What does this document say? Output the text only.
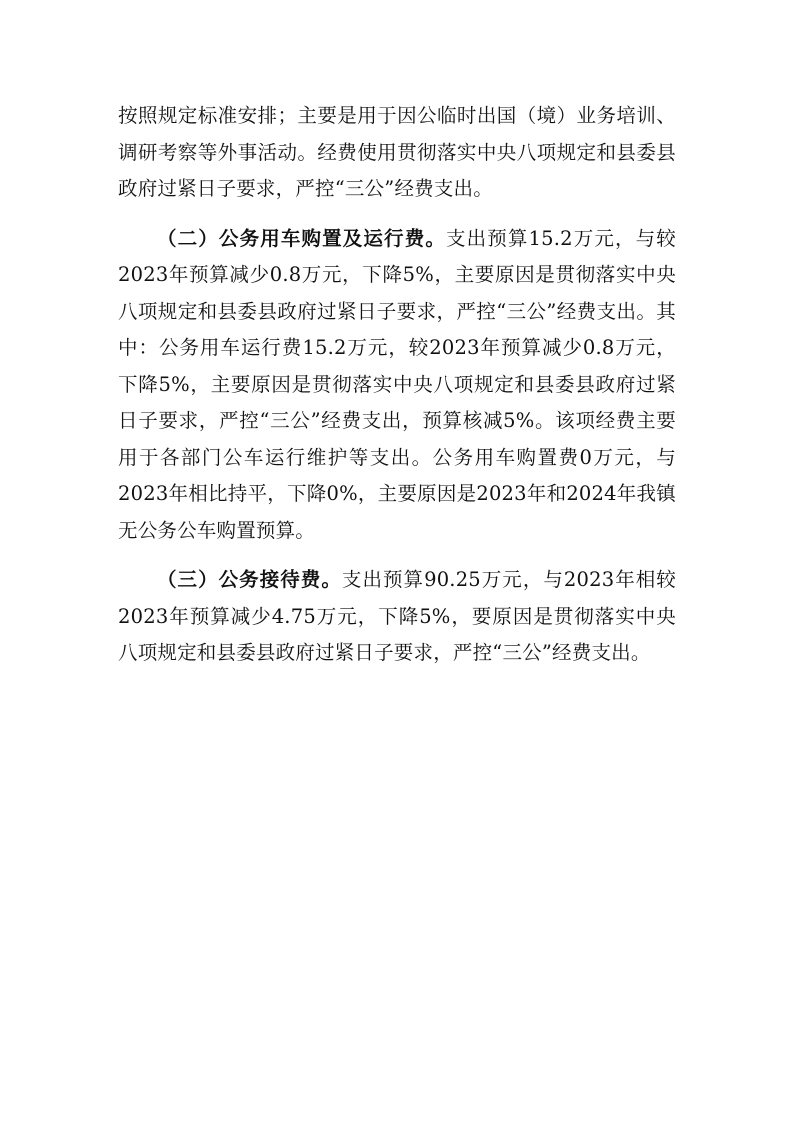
按照规定标准安排；主要是用于因公临时出国（境）业务培训、调研考察等外事活动。经费使用贯彻落实中央八项规定和县委县政府过紧日子要求，严控“三公”经费支出。

（二）公务用车购置及运行费。支出预算15.2万元，与较2023年预算减少0.8万元，下降5%，主要原因是贯彻落实中央八项规定和县委县政府过紧日子要求，严控“三公”经费支出。其中：公务用车运行费15.2万元，较2023年预算减少0.8万元，下降5%，主要原因是贯彻落实中央八项规定和县委县政府过紧日子要求，严控“三公”经费支出，预算核减5%。该项经费主要用于各部门公车运行维护等支出。公务用车购置费0万元，与2023年相比持平，下降0%，主要原因是2023年和2024年我镇无公务公车购置预算。

（三）公务接待费。支出预算90.25万元，与2023年相较2023年预算减少4.75万元，下降5%，要原因是贯彻落实中央八项规定和县委县政府过紧日子要求，严控“三公”经费支出。
